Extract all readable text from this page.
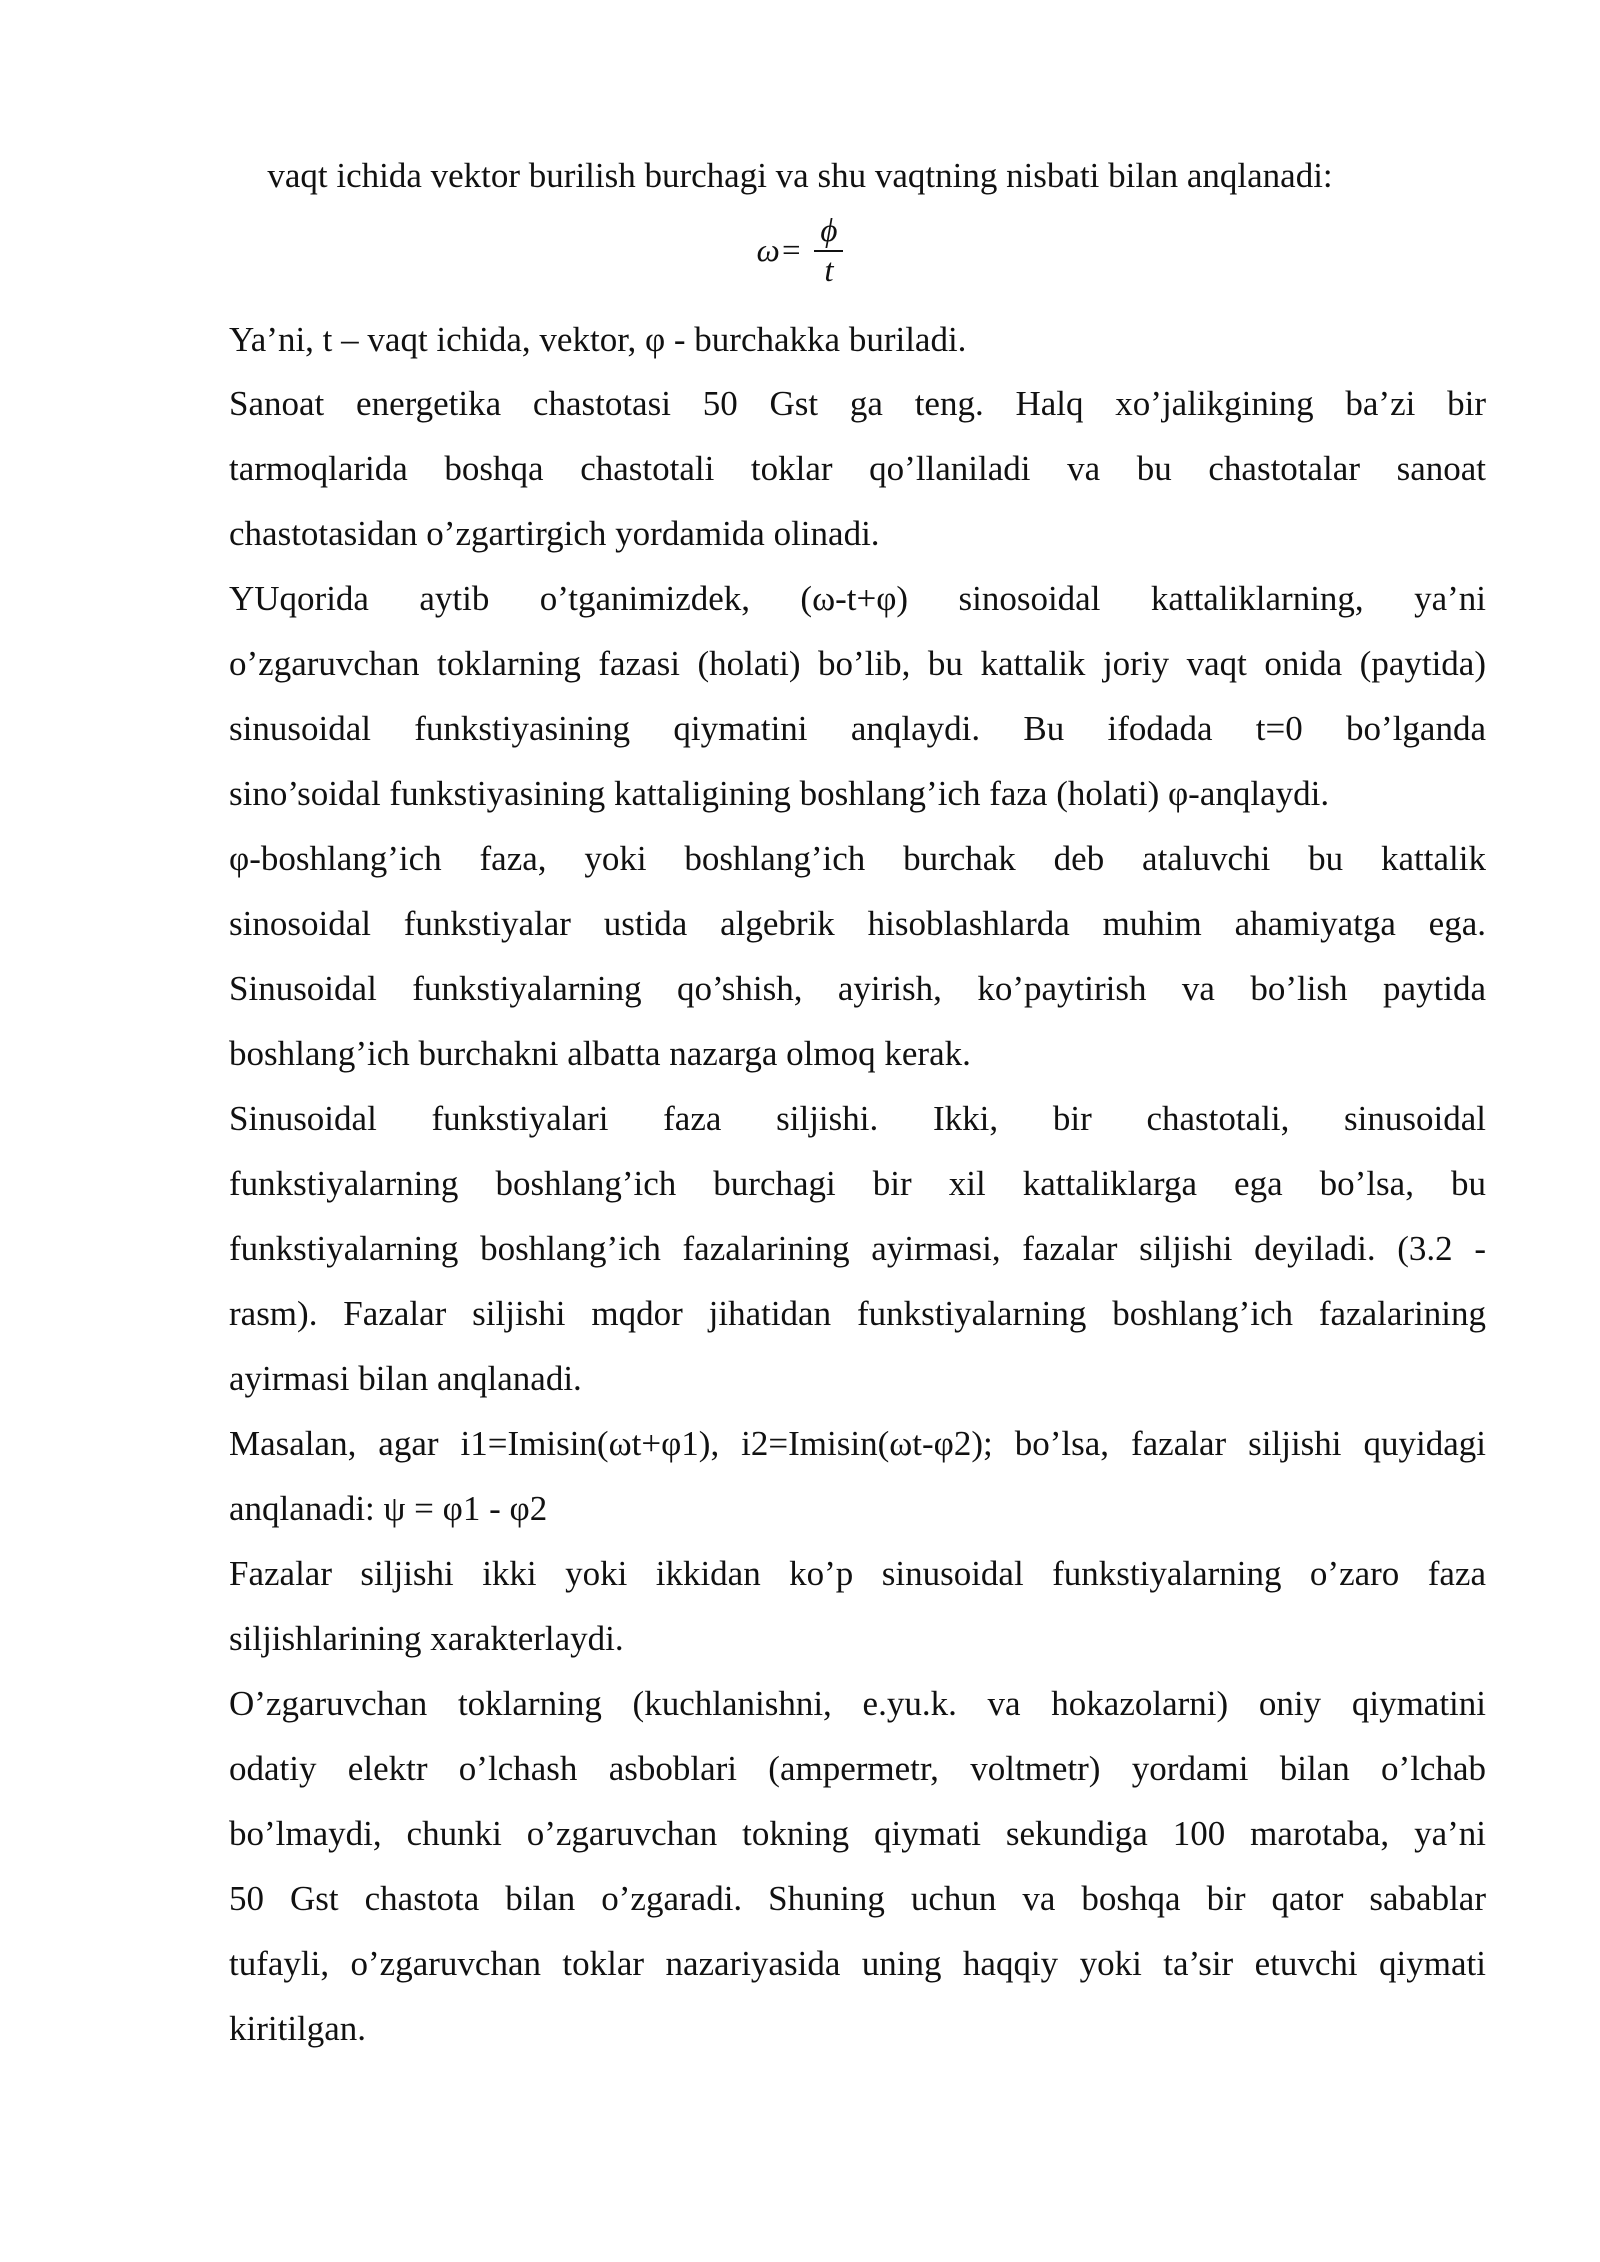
vaqt ichida vektor burilish burchagi va shu vaqtning nisbati bilan anqlanadi:
$\omega= \frac{\phi}{t}$
Ya’ni, t – vaqt ichida, vektor, φ - burchakka buriladi.
Sanoat energetika chastotasi 50 Gst ga teng. Halq xo’jalikgining ba’zi bir
tarmoqlarida boshqa chastotali toklar qo’llaniladi va bu chastotalar sanoat
chastotasidan o’zgartirgich yordamida olinadi.
YUqorida aytib o’tganimizdek, (ω-t+φ) sinosoidal kattaliklarning, ya’ni
o’zgaruvchan toklarning fazasi (holati) bo’lib, bu kattalik joriy vaqt onida (paytida)
sinusoidal funkstiyasining qiymatini anqlaydi. Bu ifodada t=0 bo’lganda
sino’soidal funkstiyasining kattaligining boshlang’ich faza (holati) φ-anqlaydi.
φ-boshlang’ich faza, yoki boshlang’ich burchak deb ataluvchi bu kattalik
sinosoidal funkstiyalar ustida algebrik hisoblashlarda muhim ahamiyatga ega.
Sinusoidal funkstiyalarning qo’shish, ayirish, ko’paytirish va bo’lish paytida
boshlang’ich burchakni albatta nazarga olmoq kerak.
Sinusoidal funkstiyalari faza siljishi. Ikki, bir chastotali, sinusoidal
funkstiyalarning boshlang’ich burchagi bir xil kattaliklarga ega bo’lsa, bu
funkstiyalarning boshlang’ich fazalarining ayirmasi, fazalar siljishi deyiladi. (3.2 -
rasm). Fazalar siljishi mqdor jihatidan funkstiyalarning boshlang’ich fazalarining
ayirmasi bilan anqlanadi.
Masalan, agar i1=Imisin(ωt+φ1), i2=Imisin(ωt-φ2); bo’lsa, fazalar siljishi quyidagi
anqlanadi: ψ = φ1 - φ2
Fazalar siljishi ikki yoki ikkidan ko’p sinusoidal funkstiyalarning o’zaro faza
siljishlarining xarakterlaydi.
O’zgaruvchan toklarning (kuchlanishni, e.yu.k. va hokazolarni) oniy qiymatini
odatiy elektr o’lchash asboblari (ampermetr, voltmetr) yordami bilan o’lchab
bo’lmaydi, chunki o’zgaruvchan tokning qiymati sekundiga 100 marotaba, ya’ni
50 Gst chastota bilan o’zgaradi. Shuning uchun va boshqa bir qator sabablar
tufayli, o’zgaruvchan toklar nazariyasida uning haqqiy yoki ta’sir etuvchi qiymati
kiritilgan.
